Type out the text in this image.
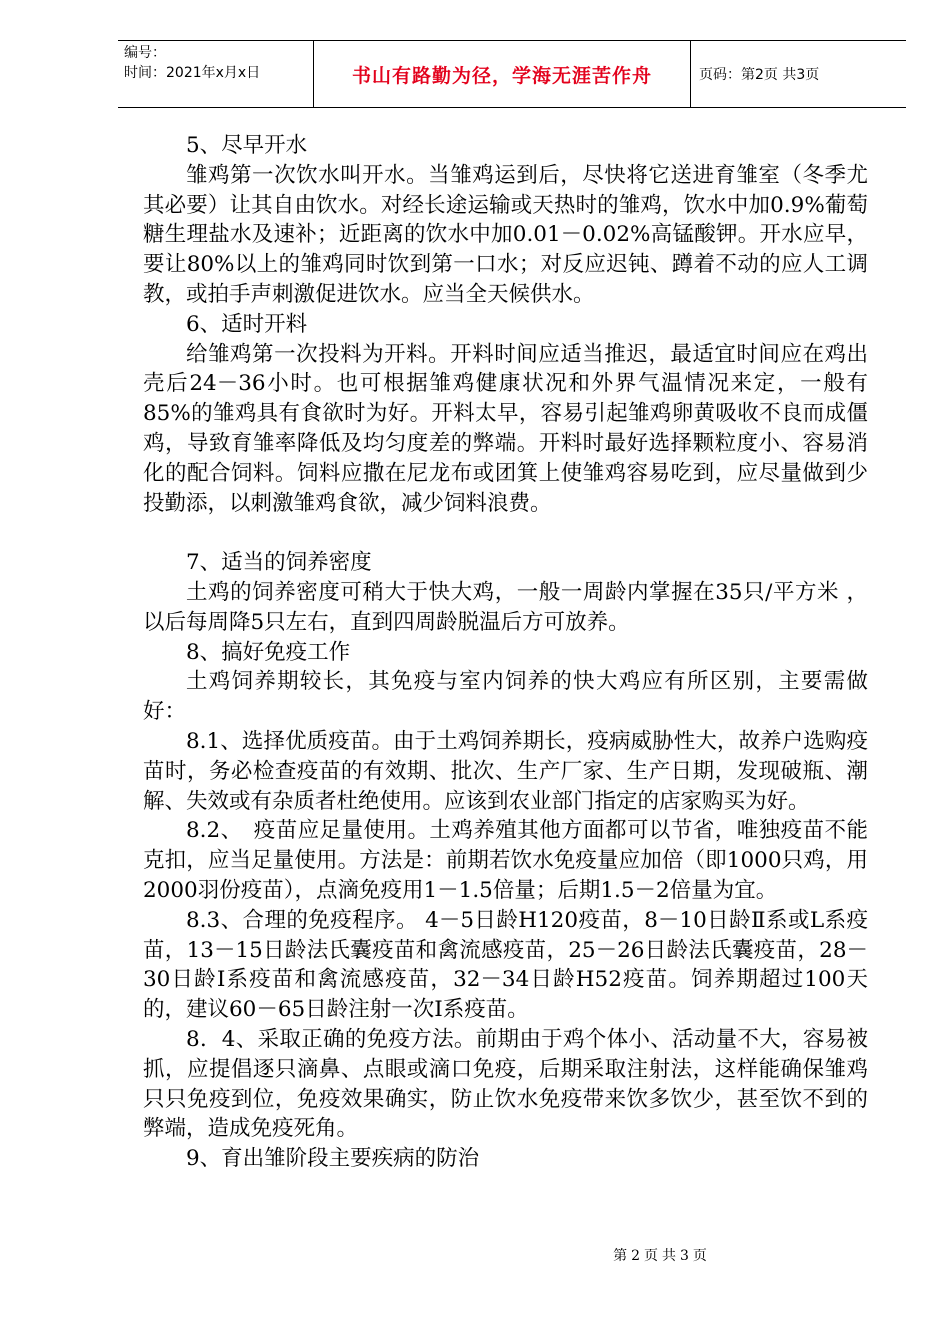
编号：
时间：2021年x月x日	书山有路勤为径，学海无涯苦作舟	页码：第2页 共3页

5、尽早开水

雏鸡第一次饮水叫开水。当雏鸡运到后，尽快将它送进育雏室（冬季尤其必要）让其自由饮水。对经长途运输或天热时的雏鸡，饮水中加0.9%葡萄糖生理盐水及速补；近距离的饮水中加0.01－0.02%高锰酸钾。开水应早，要让80%以上的雏鸡同时饮到第一口水；对反应迟钝、蹲着不动的应人工调教，或拍手声刺激促进饮水。应当全天候供水。

6、适时开料

给雏鸡第一次投料为开料。开料时间应适当推迟，最适宜时间应在鸡出壳后24－36小时。也可根据雏鸡健康状况和外界气温情况来定，一般有85%的雏鸡具有食欲时为好。开料太早，容易引起雏鸡卵黄吸收不良而成僵鸡，导致育雏率降低及均匀度差的弊端。开料时最好选择颗粒度小、容易消化的配合饲料。饲料应撒在尼龙布或团箕上使雏鸡容易吃到，应尽量做到少投勤添，以刺激雏鸡食欲，减少饲料浪费。

7、适当的饲养密度

土鸡的饲养密度可稍大于快大鸡，一般一周龄内掌握在35只/平方米 ，以后每周降5只左右，直到四周龄脱温后方可放养。

8、搞好免疫工作

土鸡饲养期较长，其免疫与室内饲养的快大鸡应有所区别，主要需做好：

8.1、选择优质疫苗。由于土鸡饲养期长，疫病威胁性大，故养户选购疫苗时，务必检查疫苗的有效期、批次、生产厂家、生产日期，发现破瓶、潮解、失效或有杂质者杜绝使用。应该到农业部门指定的店家购买为好。

8.2、　疫苗应足量使用。土鸡养殖其他方面都可以节省，唯独疫苗不能克扣，应当足量使用。方法是：前期若饮水免疫量应加倍（即1000只鸡，用2000羽份疫苗），点滴免疫用1－1.5倍量；后期1.5－2倍量为宜。

8.3、合理的免疫程序。 4－5日龄H120疫苗，8－10日龄Ⅱ系或L系疫苗，13－15日龄法氏囊疫苗和禽流感疫苗，25－26日龄法氏囊疫苗，28－30日龄Ⅰ系疫苗和禽流感疫苗，32－34日龄H52疫苗。饲养期超过100天的，建议60－65日龄注射一次Ⅰ系疫苗。

8．4、采取正确的免疫方法。前期由于鸡个体小、活动量不大，容易被抓，应提倡逐只滴鼻、点眼或滴口免疫，后期采取注射法，这样能确保雏鸡只只免疫到位，免疫效果确实，防止饮水免疫带来饮多饮少，甚至饮不到的弊端，造成免疫死角。

9、育出雏阶段主要疾病的防治

第 2 页 共 3 页
